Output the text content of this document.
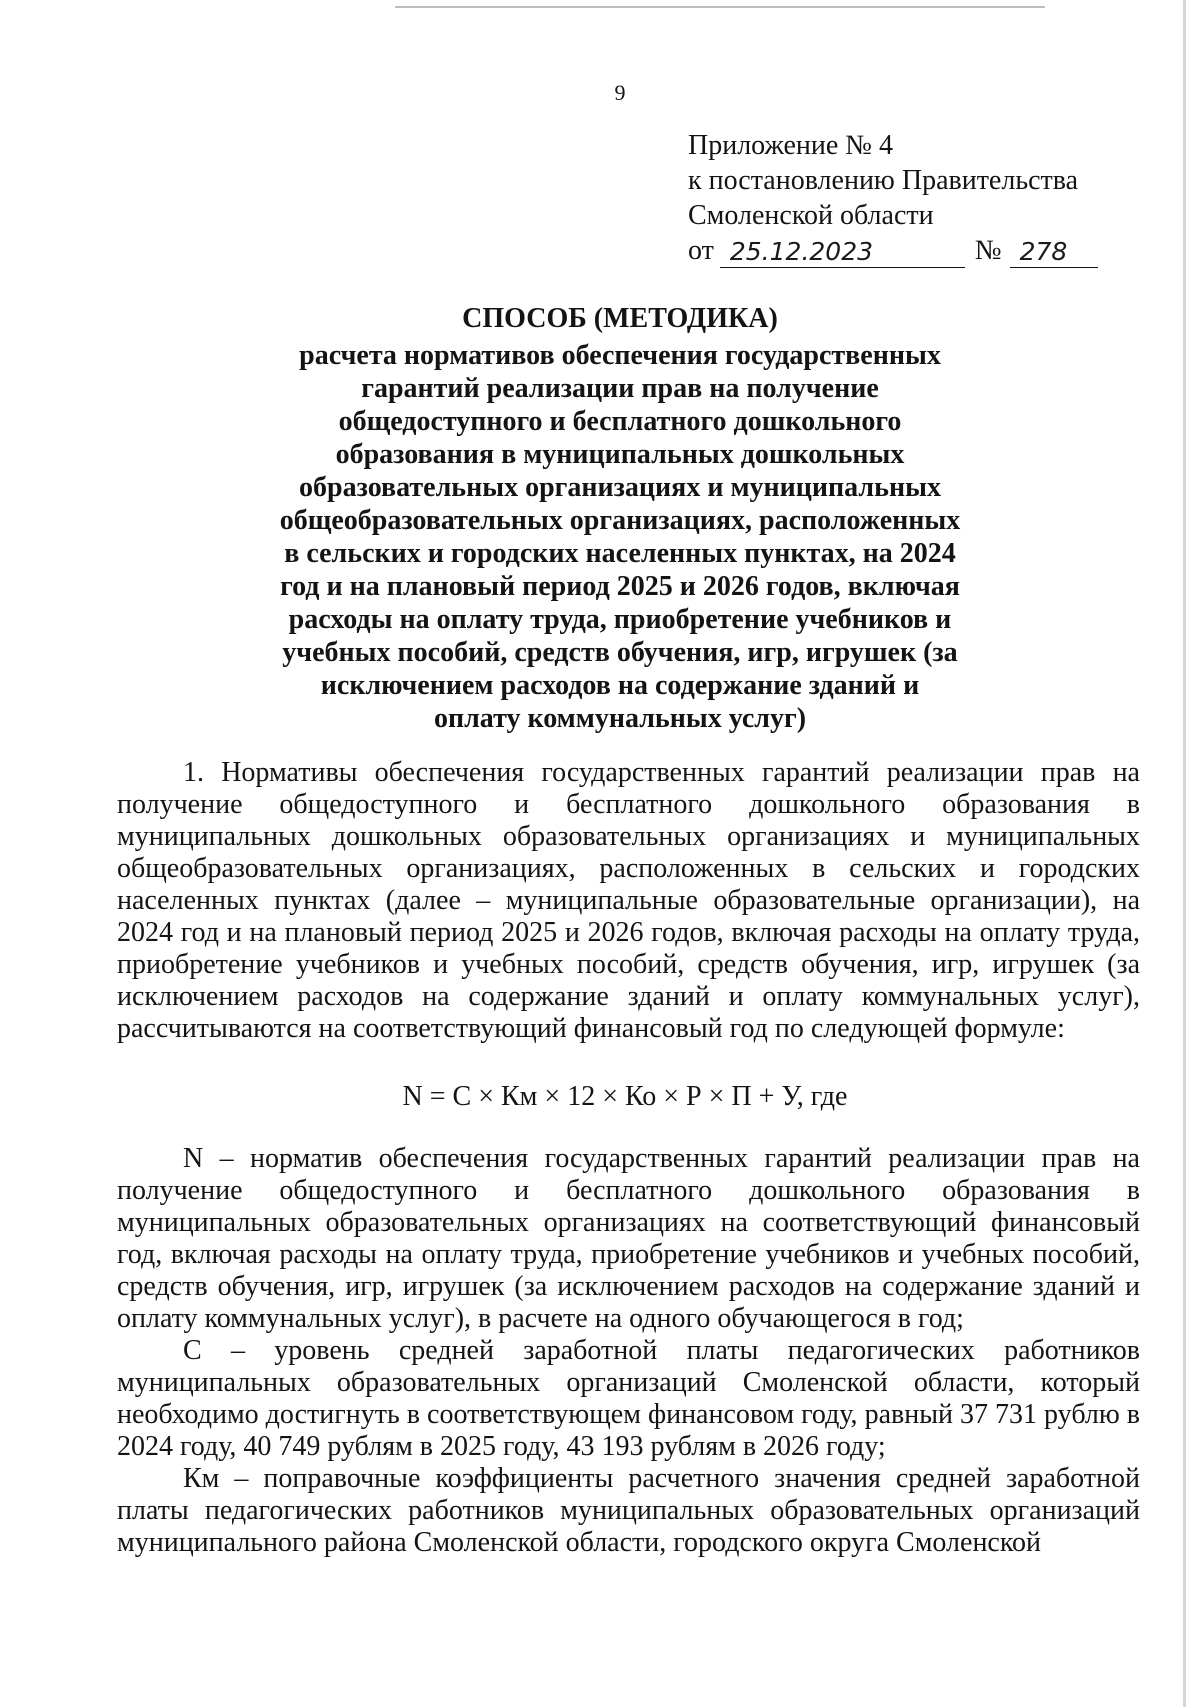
9
Приложение № 4
к постановлению Правительства
Смоленской области
от 25.12.2023	№ 278
СПОСОБ (МЕТОДИКА)
расчета нормативов обеспечения государственных
гарантий реализации прав на получение
общедоступного и бесплатного дошкольного
образования в муниципальных дошкольных
образовательных организациях и муниципальных
общеобразовательных организациях, расположенных
в сельских и городских населенных пунктах, на 2024
год и на плановый период 2025 и 2026 годов, включая
расходы на оплату труда, приобретение учебников и
учебных пособий, средств обучения, игр, игрушек (за
исключением расходов на содержание зданий и
оплату коммунальных услуг)

1. Нормативы обеспечения государственных гарантий реализации прав на получение общедоступного и бесплатного дошкольного образования в муниципальных дошкольных образовательных организациях и муниципальных общеобразовательных организациях, расположенных в сельских и городских населенных пунктах (далее – муниципальные образовательные организации), на 2024 год и на плановый период 2025 и 2026 годов, включая расходы на оплату труда, приобретение учебников и учебных пособий, средств обучения, игр, игрушек (за исключением расходов на содержание зданий и оплату коммунальных услуг), рассчитываются на соответствующий финансовый год по следующей формуле:

N = С × Км × 12 × Ко × Р × П + У, где

N – норматив обеспечения государственных гарантий реализации прав на получение общедоступного и бесплатного дошкольного образования в муниципальных образовательных организациях на соответствующий финансовый год, включая расходы на оплату труда, приобретение учебников и учебных пособий, средств обучения, игр, игрушек (за исключением расходов на содержание зданий и оплату коммунальных услуг), в расчете на одного обучающегося в год;

С – уровень средней заработной платы педагогических работников муниципальных образовательных организаций Смоленской области, который необходимо достигнуть в соответствующем финансовом году, равный 37 731 рублю в 2024 году, 40 749 рублям в 2025 году, 43 193 рублям в 2026 году;

Км – поправочные коэффициенты расчетного значения средней заработной платы педагогических работников муниципальных образовательных организаций муниципального района Смоленской области, городского округа Смоленской
